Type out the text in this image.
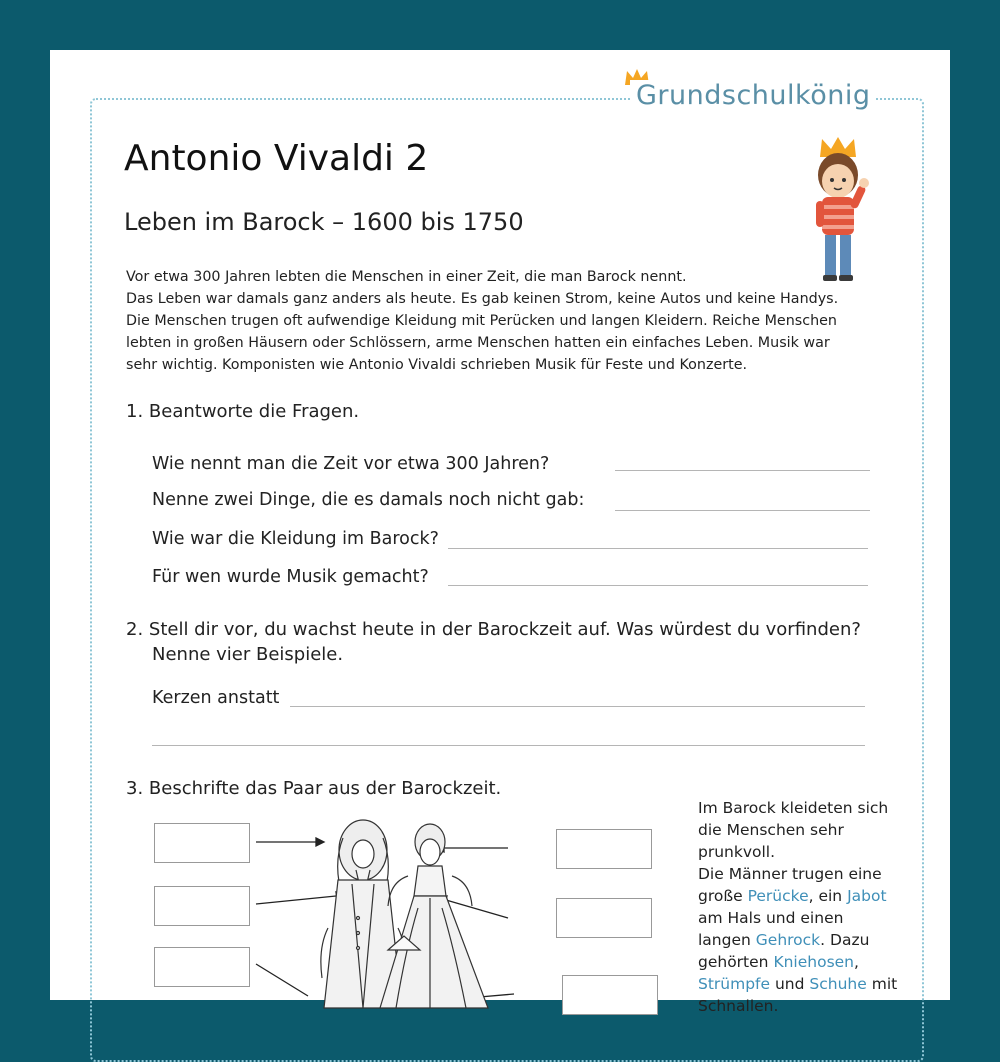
Grundschulkönig
Antonio Vivaldi 2
Leben im Barock – 1600 bis 1750
Vor etwa 300 Jahren lebten die Menschen in einer Zeit, die man Barock nennt.
Das Leben war damals ganz anders als heute. Es gab keinen Strom, keine Autos und keine Handys.
Die Menschen trugen oft aufwendige Kleidung mit Perücken und langen Kleidern. Reiche Menschen
lebten in großen Häusern oder Schlössern, arme Menschen hatten ein einfaches Leben. Musik war
sehr wichtig. Komponisten wie Antonio Vivaldi schrieben Musik für Feste und Konzerte.
1. Beantworte die Fragen.
Wie nennt man die Zeit vor etwa 300 Jahren?
Nenne zwei Dinge, die es damals noch nicht gab:
Wie war die Kleidung im Barock?
Für wen wurde Musik gemacht?
2. Stell dir vor, du wachst heute in der Barockzeit auf. Was würdest du vorfinden?
Nenne vier Beispiele.
Kerzen anstatt
3. Beschrifte das Paar aus der Barockzeit.
Im Barock kleideten sich die Menschen sehr prunkvoll.
Die Männer trugen eine große Perücke, ein Jabot am Hals und einen langen Gehrock. Dazu gehörten Kniehosen, Strümpfe und Schuhe mit Schnallen.
